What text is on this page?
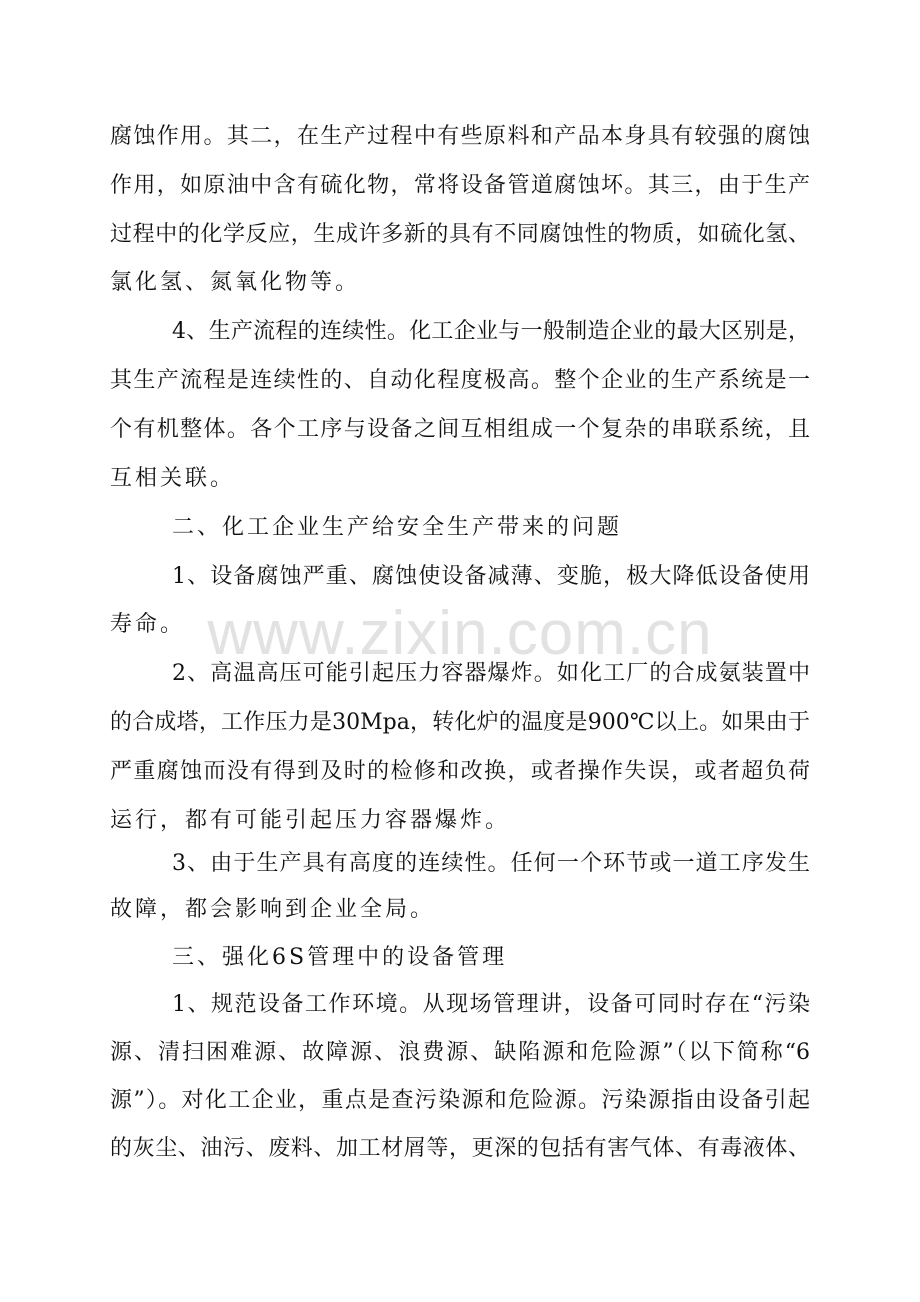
www.zixin.com.cn
腐蚀作用。其二，在生产过程中有些原料和产品本身具有较强的腐蚀
作用，如原油中含有硫化物，常将设备管道腐蚀坏。其三，由于生产
过程中的化学反应，生成许多新的具有不同腐蚀性的物质，如硫化氢、
氯化氢、氮氧化物等。
4、生产流程的连续性。化工企业与一般制造企业的最大区别是，
其生产流程是连续性的、自动化程度极高。整个企业的生产系统是一
个有机整体。各个工序与设备之间互相组成一个复杂的串联系统，且
互相关联。
二、化工企业生产给安全生产带来的问题
1、设备腐蚀严重、腐蚀使设备减薄、变脆，极大降低设备使用
寿命。
2、高温高压可能引起压力容器爆炸。如化工厂的合成氨装置中
的合成塔，工作压力是30Mpa，转化炉的温度是900℃以上。如果由于
严重腐蚀而没有得到及时的检修和改换，或者操作失误，或者超负荷
运行，都有可能引起压力容器爆炸。
3、由于生产具有高度的连续性。任何一个环节或一道工序发生
故障，都会影响到企业全局。
三、强化6S管理中的设备管理
1、规范设备工作环境。从现场管理讲，设备可同时存在“污染
源、清扫困难源、故障源、浪费源、缺陷源和危险源”（以下简称“6
源”）。对化工企业，重点是查污染源和危险源。污染源指由设备引起
的灰尘、油污、废料、加工材屑等，更深的包括有害气体、有毒液体、
